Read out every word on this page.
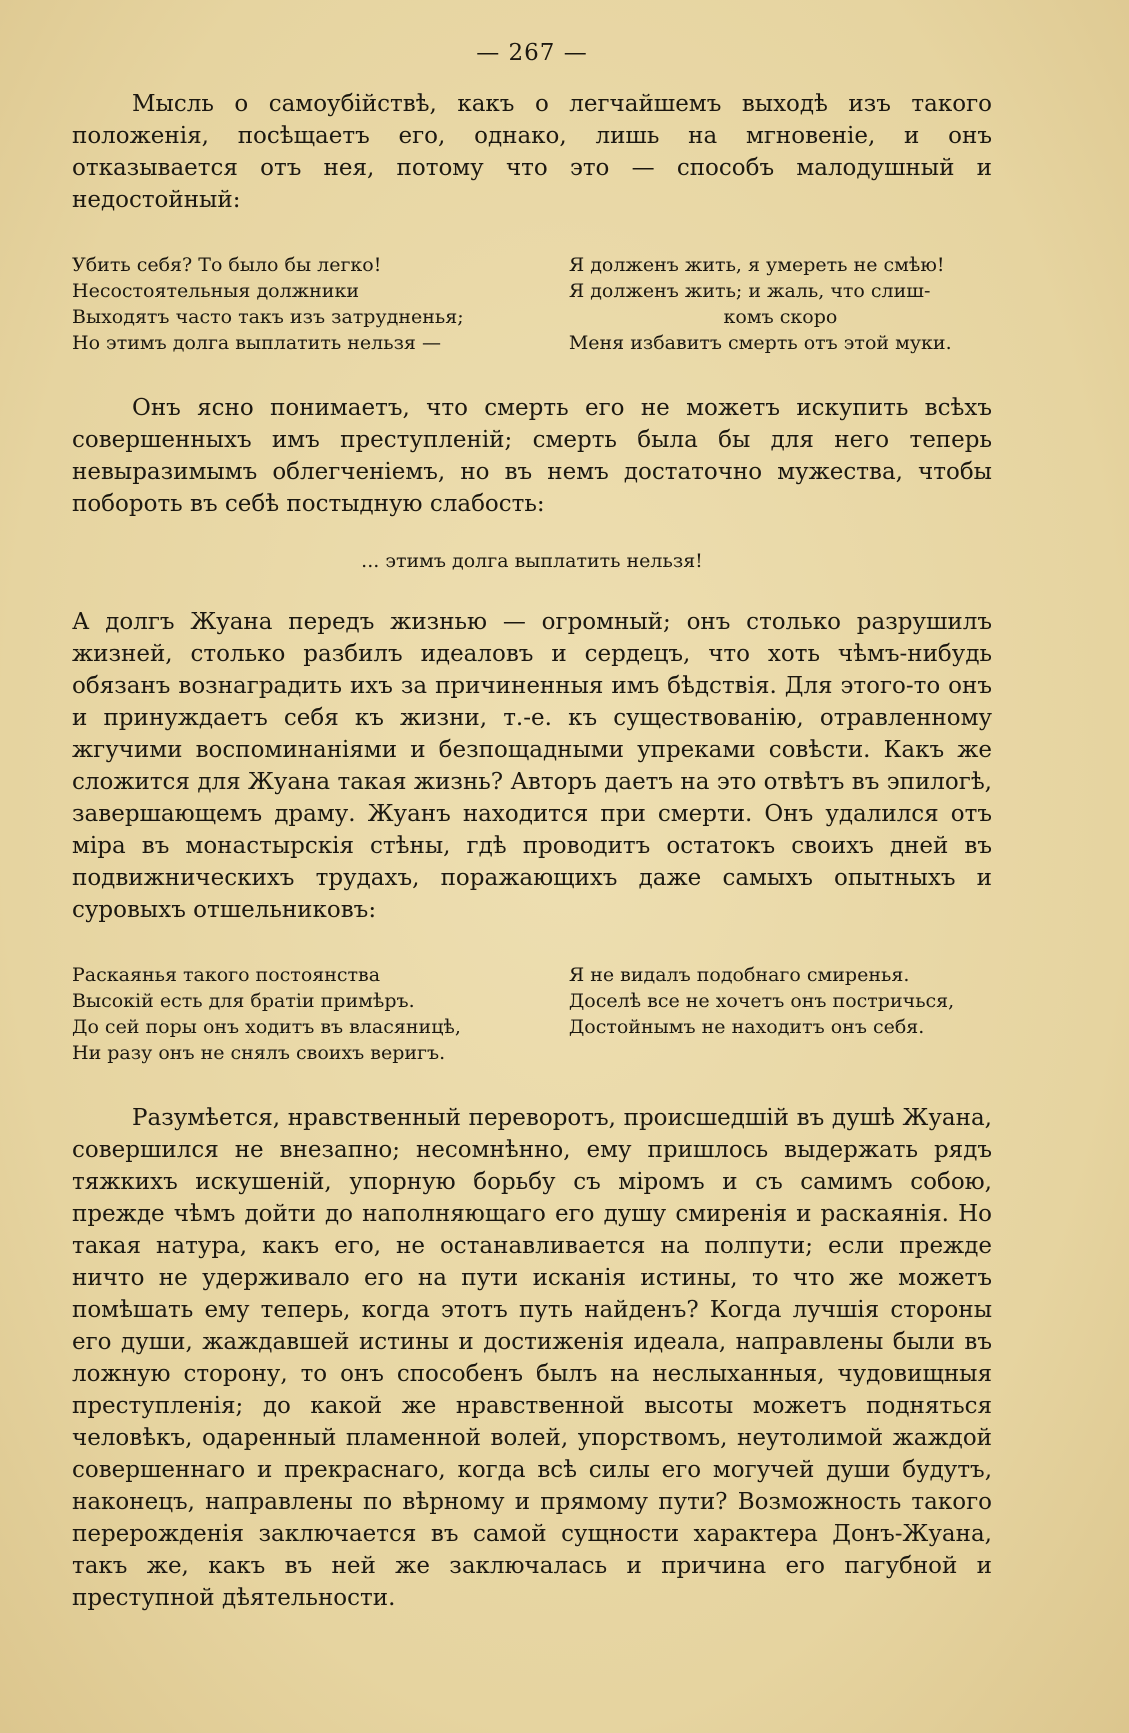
— 267 —

Мысль о самоубійствѣ, какъ о легчайшемъ выходѣ изъ такого положенія, посѣщаетъ его, однако, лишь на мгновеніе, и онъ отказывается отъ нея, потому что это — способъ малодушный и недостойный:

Убить себя? То было бы легко!
Несостоятельныя должники
Выходятъ часто такъ изъ затрудненья;
Но этимъ долга выплатить нельзя —
Я долженъ жить, я умереть не смѣю!
Я долженъ жить; и жаль, что слиш-
комъ скоро
Меня избавитъ смерть отъ этой муки.

Онъ ясно понимаетъ, что смерть его не можетъ искупить всѣхъ совершенныхъ имъ преступленій; смерть была бы для него теперь невыразимымъ облегченіемъ, но въ немъ достаточно мужества, чтобы побороть въ себѣ постыдную слабость:

... этимъ долга выплатить нельзя!

А долгъ Жуана передъ жизнью — огромный; онъ столько разрушилъ жизней, столько разбилъ идеаловъ и сердецъ, что хоть чѣмъ-нибудь обязанъ вознаградить ихъ за причиненныя имъ бѣдствія. Для этого-то онъ и принуждаетъ себя къ жизни, т.-е. къ существованію, отравленному жгучими воспоминаніями и безпощадными упреками совѣсти. Какъ же сложится для Жуана такая жизнь? Авторъ даетъ на это отвѣтъ въ эпилогѣ, завершающемъ драму. Жуанъ находится при смерти. Онъ удалился отъ міра въ монастырскія стѣны, гдѣ проводитъ остатокъ своихъ дней въ подвижническихъ трудахъ, поражающихъ даже самыхъ опытныхъ и суровыхъ отшельниковъ:

Раскаянья такого постоянства
Высокій есть для братіи примѣръ.
До сей поры онъ ходитъ въ власяницѣ,
Ни разу онъ не снялъ своихъ веригъ.
Я не видалъ подобнаго смиренья.
Доселѣ все не хочетъ онъ постричься,
Достойнымъ не находитъ онъ себя.

Разумѣется, нравственный переворотъ, происшедшій въ душѣ Жуана, совершился не внезапно; несомнѣнно, ему пришлось выдержать рядъ тяжкихъ искушеній, упорную борьбу съ міромъ и съ самимъ собою, прежде чѣмъ дойти до наполняющаго его душу смиренія и раскаянія. Но такая натура, какъ его, не останавливается на полпути; если прежде ничто не удерживало его на пути исканія истины, то что же можетъ помѣшать ему теперь, когда этотъ путь найденъ? Когда лучшія стороны его души, жаждавшей истины и достиженія идеала, направлены были въ ложную сторону, то онъ способенъ былъ на неслыханныя, чудовищныя преступленія; до какой же нравственной высоты можетъ подняться человѣкъ, одаренный пламенной волей, упорствомъ, неутолимой жаждой совершеннаго и прекраснаго, когда всѣ силы его могучей души будутъ, наконецъ, направлены по вѣрному и прямому пути? Возможность такого перерожденія заключается въ самой сущности характера Донъ-Жуана, такъ же, какъ въ ней же заключалась и причина его пагубной и преступной дѣятельности.
